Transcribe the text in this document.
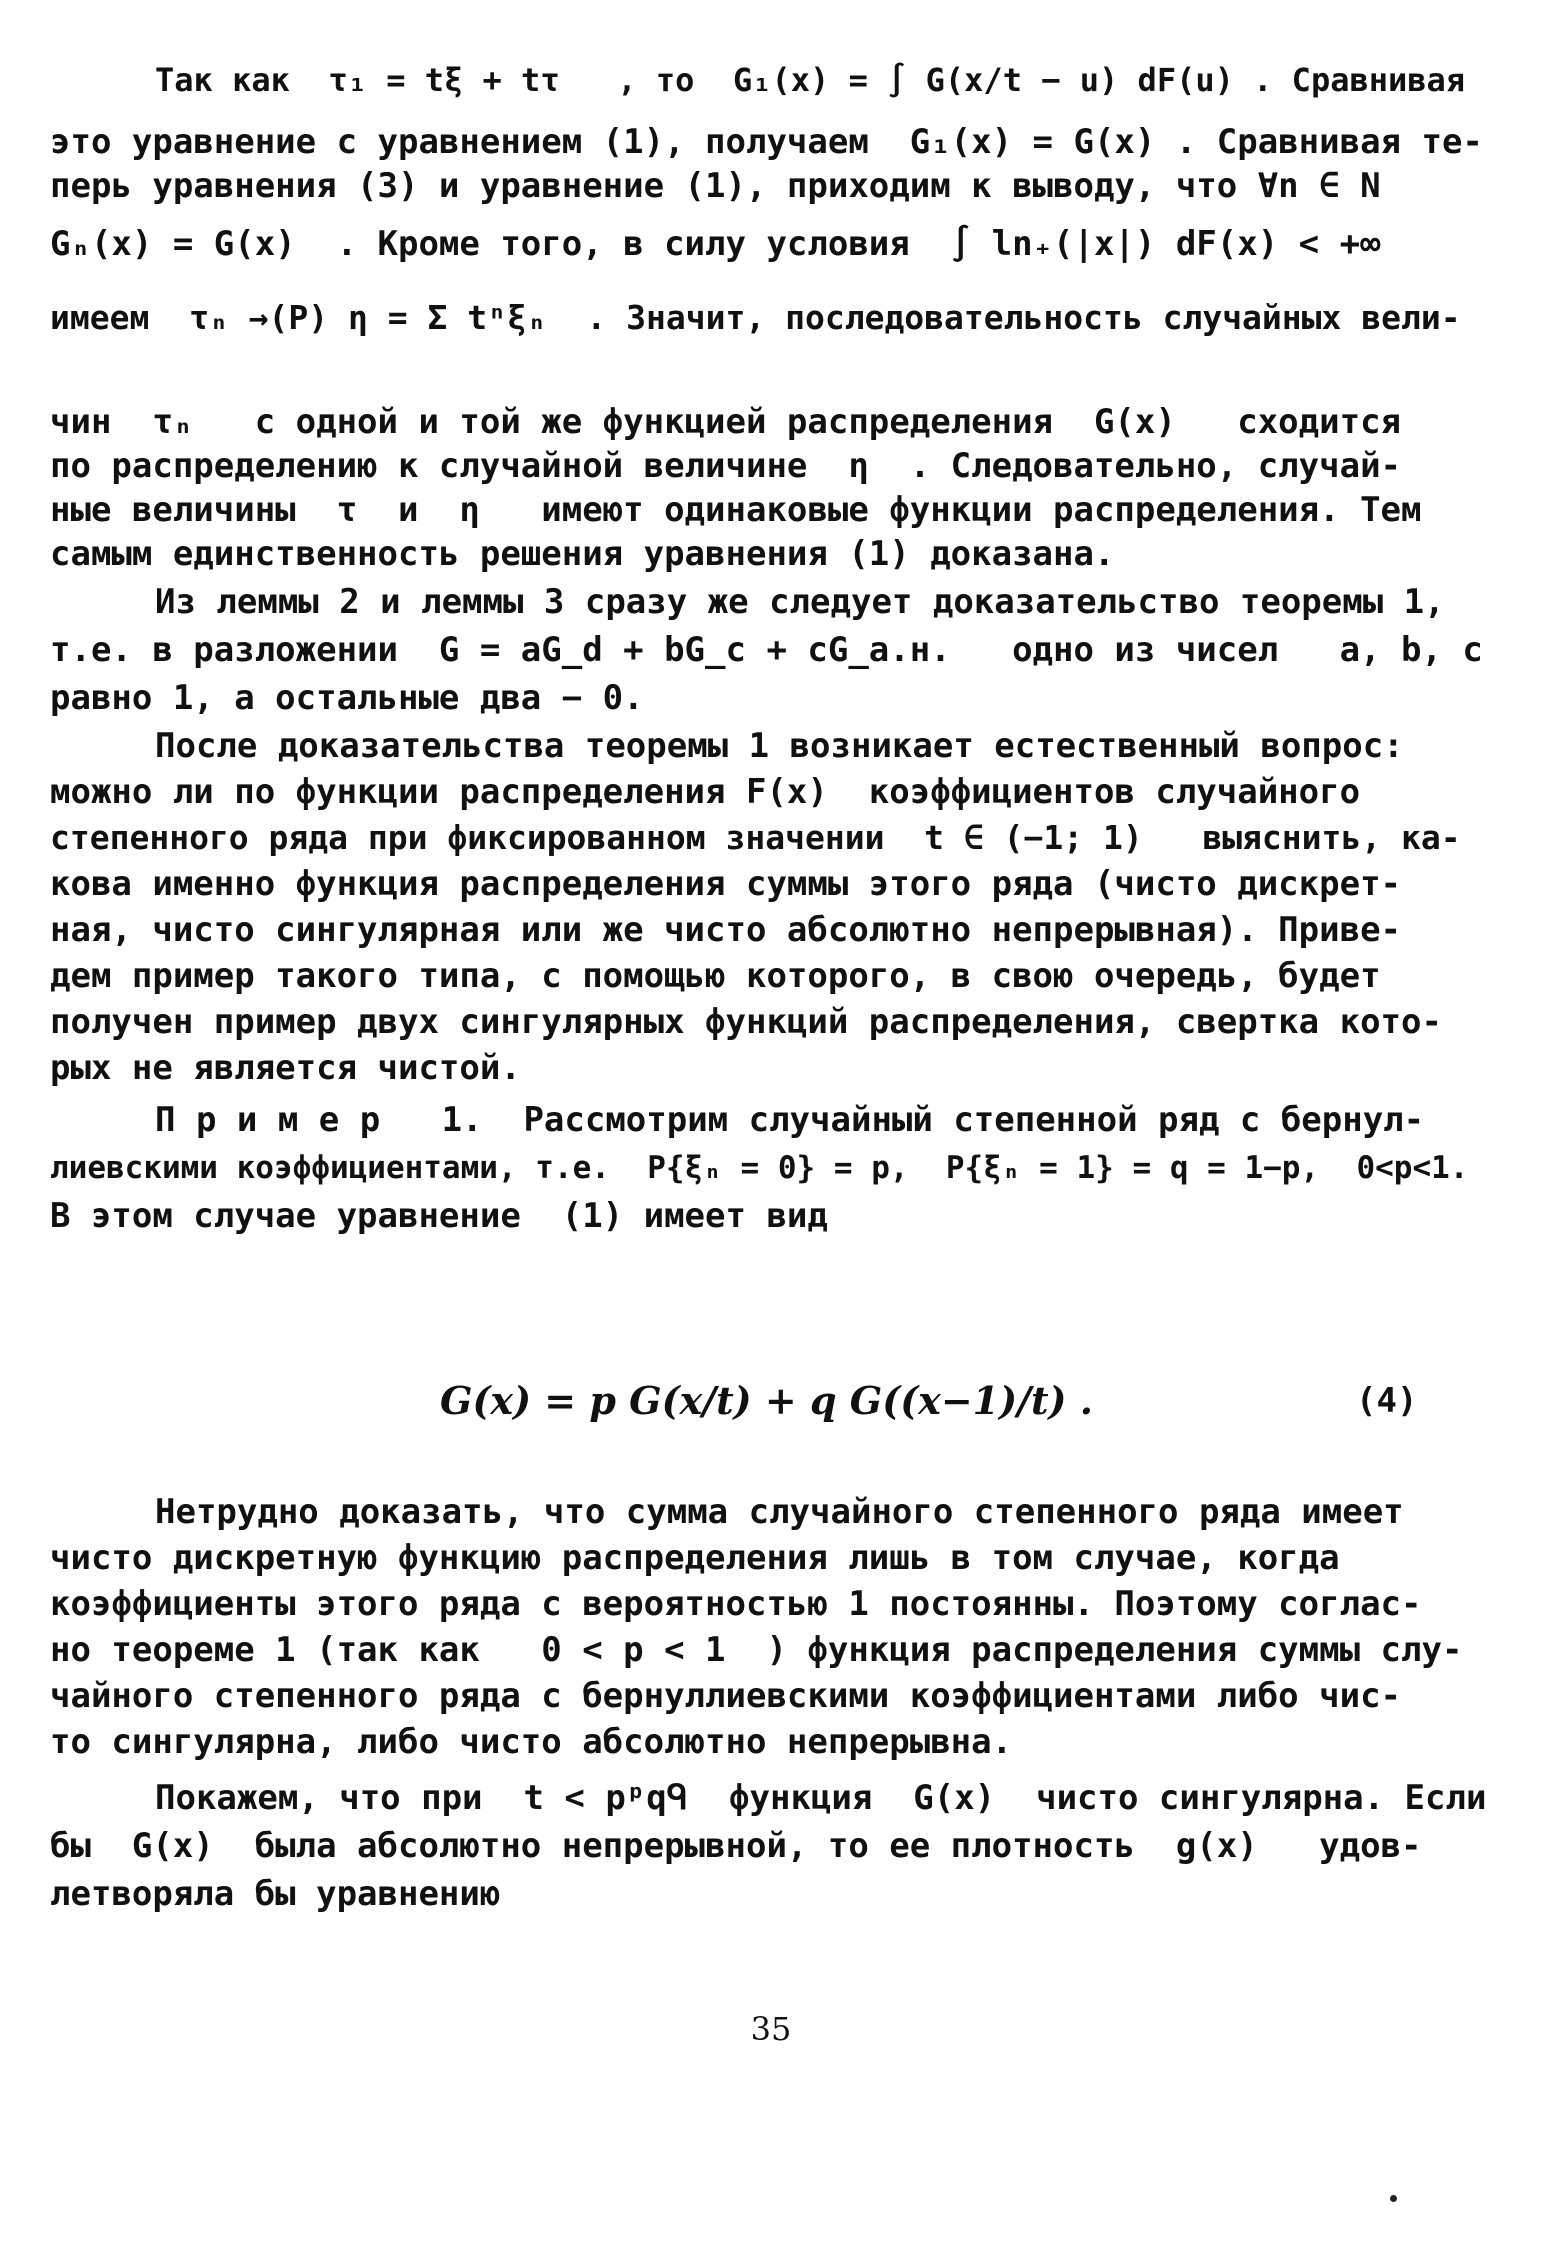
Так как  τ₁ = tξ + tτ   , то  G₁(x) = ∫ G(x/t − u) dF(u) . Сравнивая
это уравнение с уравнением (1), получаем  G₁(x) = G(x) . Сравнивая те-
перь уравнения (3) и уравнение (1), приходим к выводу, что ∀n ∈ N
Gₙ(x) = G(x)  . Кроме того, в силу условия  ∫ ln₊(|x|) dF(x) < +∞
имеем  τₙ →(P) η = Σ tⁿξₙ  . Значит, последовательность случайных вели-
чин  τₙ   с одной и той же функцией распределения  G(x)   сходится
по распределению к случайной величине  η  . Следовательно, случай-
ные величины  τ  и  η   имеют одинаковые функции распределения. Тем
самым единственность решения уравнения (1) доказана.
Из леммы 2 и леммы 3 сразу же следует доказательство теоремы 1,
т.е. в разложении  G = aG_d + bG_c + cG_a.н.   одно из чисел   a, b, c
равно 1, а остальные два − 0.
После доказательства теоремы 1 возникает естественный вопрос:
можно ли по функции распределения F(x)  коэффициентов случайного
степенного ряда при фиксированном значении  t ∈ (−1; 1)   выяснить, ка-
кова именно функция распределения суммы этого ряда (чисто дискрет-
ная, чисто сингулярная или же чисто абсолютно непрерывная). Приве-
дем пример такого типа, с помощью которого, в свою очередь, будет
получен пример двух сингулярных функций распределения, свертка кото-
рых не является чистой.
П р и м е р   1.  Рассмотрим случайный степенной ряд с бернул-
лиевскими коэффициентами, т.е.  P{ξₙ = 0} = p,  P{ξₙ = 1} = q = 1−p,  0<p<1.
В этом случае уравнение  (1) имеет вид
G(x) = p G(x/t) + q G((x−1)/t) .	(4)
Нетрудно доказать, что сумма случайного степенного ряда имеет
чисто дискретную функцию распределения лишь в том случае, когда
коэффициенты этого ряда с вероятностью 1 постоянны. Поэтому соглас-
но теореме 1 (так как   0 < p < 1  ) функция распределения суммы слу-
чайного степенного ряда с бернуллиевскими коэффициентами либо чис-
то сингулярна, либо чисто абсолютно непрерывна.
Покажем, что при  t < pᵖqᑫ  функция  G(x)  чисто сингулярна. Если
бы  G(x)  была абсолютно непрерывной, то ее плотность  g(x)   удов-
летворяла бы уравнению
35
